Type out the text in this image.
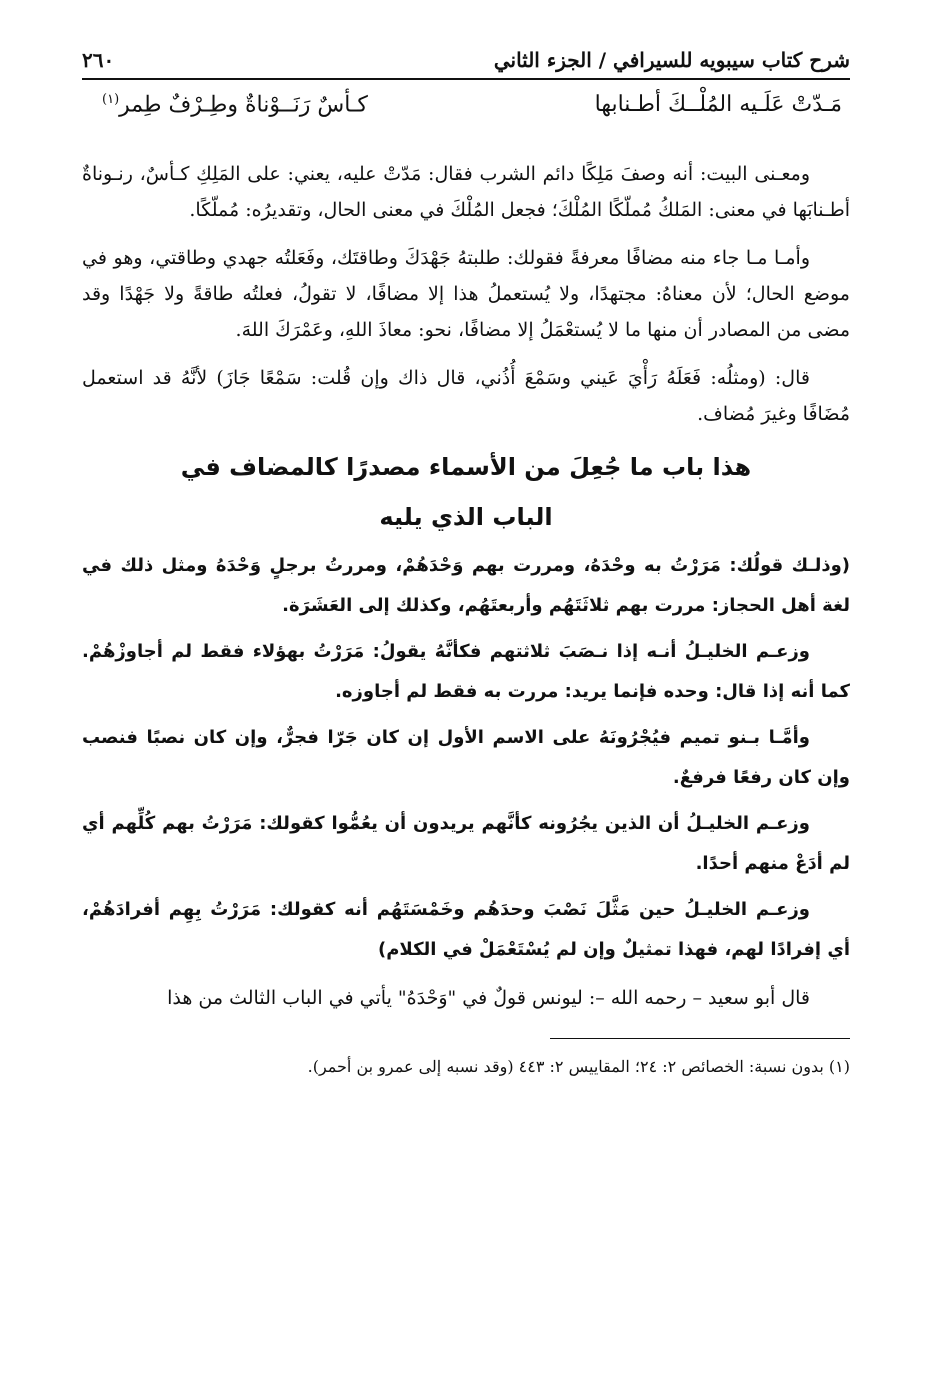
شرح كتاب سيبويه للسيرافي / الجزء الثاني
٢٦٠
مَـدّتْ عَلَـيه المُلْــكَ أطـنابها
كـأسٌ رَنَــوْناةٌ وطِـرْفٌ طِمر$^{(١)}$

ومعـنى البيت: أنه وصفَ مَلِكًا دائم الشرب فقال: مَدّتْ عليه، يعني: على المَلِكِ كـأسٌ، رنـوناةٌ أطـنابَها في معنى: المَلكُ مُملّكًا المُلْكَ؛ فجعل المُلْكَ في معنى الحال، وتقديرُه: مُملّكًا.

وأمـا مـا جاء منه مضافًا معرفةً فقولك: طلبتهُ جَهْدَكَ وطاقتَك، وفَعَلتُه جهدي وطاقتي، وهو في موضع الحال؛ لأن معناهُ: مجتهدًا، ولا يُستعملُ هذا إلا مضافًا، لا تقولُ، فعلتُه طاقةً ولا جَهْدًا وقد مضى من المصادر أن منها ما لا يُستعْمَلُ إلا مضافًا، نحو: معاذَ اللهِ، وعَمْرَكَ اللهَ.

قال: (ومثلُه: فَعَلَهُ رَأْيَ عَيني وسَمْعَ أُذُني، قال ذاك وإن قُلت: سَمْعًا جَازَ) لأنَّهُ قد استعمل مُضَافًا وغيرَ مُضاف.

هذا باب ما جُعِلَ من الأسماء مصدرًا كالمضاف في
الباب الذي يليه

(وذلـك قولُك: مَرَرْتُ به وحْدَهُ، ومررت بهم وَحْدَهُمْ، ومررتُ برجلٍ وَحْدَهُ ومثل ذلك في لغة أهل الحجاز: مررت بهم ثلاثَتَهُم وأربعتَهُم، وكذلك إلى العَشَرَة.

وزعـم الخليـلُ أنـه إذا نـصَبَ ثلاثتهم فكأنَّهُ يقولُ: مَرَرْتُ بهؤلاء فقط لم أجاوزْهُمْ. كما أنه إذا قال: وحده فإنما يريد: مررت به فقط لم أجاوزه.

وأمَّـا بـنو تميم فيُجْرُونَهُ على الاسم الأول إن كان جَرّا فجرٌّ، وإن كان نصبًا فنصب وإن كان رفعًا فرفعٌ.

وزعـم الخليـلُ أن الذين يجُرُونه كأنَّهم يريدون أن يعُمُّوا كقولك: مَرَرْتُ بهم كُلِّهم أي لم أدَعْ منهم أحدًا.

وزعـم الخليـلُ حين مَثَّلَ نَصْبَ وحدَهُم وخَمْسَتَهُم أنه كقولك: مَرَرْتُ بِهِم أفرادَهُمْ، أي إفرادًا لهم، فهذا تمثيلٌ وإن لم يُسْتَعْمَلْ في الكلام)

قال أبو سعيد – رحمه الله –: ليونس قولٌ في "وَحْدَهُ" يأتي في الباب الثالث من هذا

(١) بدون نسبة: الخصائص ٢: ٢٤؛ المقاييس ٢: ٤٤٣ (وقد نسبه إلى عمرو بن أحمر).
